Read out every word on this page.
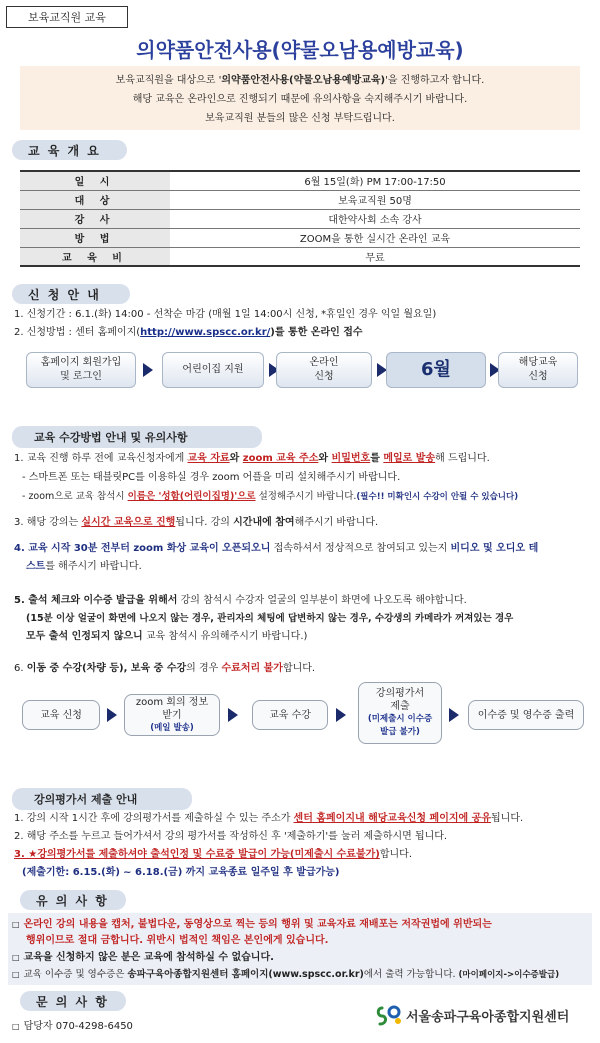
보육교직원 교육
의약품안전사용(약물오남용예방교육)
보육교직원을 대상으로 '의약품안전사용(약물오남용예방교육)'을 진행하고자 합니다.
해당 교육은 온라인으로 진행되기 때문에 유의사항을 숙지해주시기 바랍니다.
보육교직원 분들의 많은 신청 부탁드립니다.
교 육 개 요
일 시	6월 15일(화) PM 17:00-17:50
대 상	보육교직원 50명
강 사	대한약사회 소속 강사
방 법	ZOOM을 통한 실시간 온라인 교육
교 육 비	무료
신 청 안 내
1. 신청기간 : 6.1.(화) 14:00 - 선착순 마감 (매월 1일 14:00시 신청, *휴일인 경우 익일 월요일)
2. 신청방법 : 센터 홈페이지(http://www.spscc.or.kr/)를 통한 온라인 접수
홈페이지 회원가입
및 로그인
어린이집 지원
온라인
신청	6월	해당교육
신청
교육 수강방법 안내 및 유의사항
1. 교육 진행 하루 전에 교육신청자에게 교육 자료와 zoom 교육 주소와 비밀번호를 메일로 발송해 드립니다.
- 스마트폰 또는 태블릿PC를 이용하실 경우 zoom 어플을 미리 설치해주시기 바랍니다.
- zoom으로 교육 참석시 이름은 '성함(어린이집명)'으로 설정해주시기 바랍니다.(필수!! 미확인시 수강이 안될 수 있습니다)
3. 해당 강의는 실시간 교육으로 진행됩니다. 강의 시간내에 참여해주시기 바랍니다.
4. 교육 시작 30분 전부터 zoom 화상 교육이 오픈되오니 접속하셔서 정상적으로 참여되고 있는지 비디오 및 오디오 테
스트를 해주시기 바랍니다.
5. 출석 체크와 이수증 발급을 위해서 강의 참석시 수강자 얼굴의 일부분이 화면에 나오도록 해야합니다.
(15분 이상 얼굴이 화면에 나오지 않는 경우, 관리자의 체팅에 답변하지 않는 경우, 수강생의 카메라가 꺼져있는 경우
모두 출석 인정되지 않으니 교육 참석시 유의해주시기 바랍니다.)
6. 이동 중 수강(차량 등), 보육 중 수강의 경우 수료처리 불가합니다.
교육 신청
zoom 회의 정보
받기
(메일 발송)
교육 수강
강의평가서
제출
(미제출시 이수증
발급 불가)
이수증 및 영수증 출력
강의평가서 제출 안내
1. 강의 시작 1시간 후에 강의평가서를 제출하실 수 있는 주소가 센터 홈페이지내 해당교육신청 페이지에 공유됩니다.
2. 해당 주소를 누르고 들어가셔서 강의 평가서를 작성하신 후 '제출하기'를 눌러 제출하시면 됩니다.
3. ★강의평가서를 제출하셔야 출석인정 및 수료증 발급이 가능(미제출시 수료불가)합니다.
(제출기한: 6.15.(화) ~ 6.18.(금) 까지 교육종료 일주일 후 발급가능)
유 의 사 항
□ 온라인 강의 내용을 캡처, 불법다운, 동영상으로 찍는 등의 행위 및 교육자료 재배포는 저작권법에 위반되는
행위이므로 절대 금합니다. 위반시 법적인 책임은 본인에게 있습니다.
□ 교육을 신청하지 않은 분은 교육에 참석하실 수 없습니다.
□ 교육 이수증 및 영수증은 송파구육아종합지원센터 홈페이지(www.spscc.or.kr)에서 출력 가능합니다. (마이페이지->이수증발급)
문 의 사 항
□ 담당자 070-4298-6450
서울송파구육아종합지원센터
